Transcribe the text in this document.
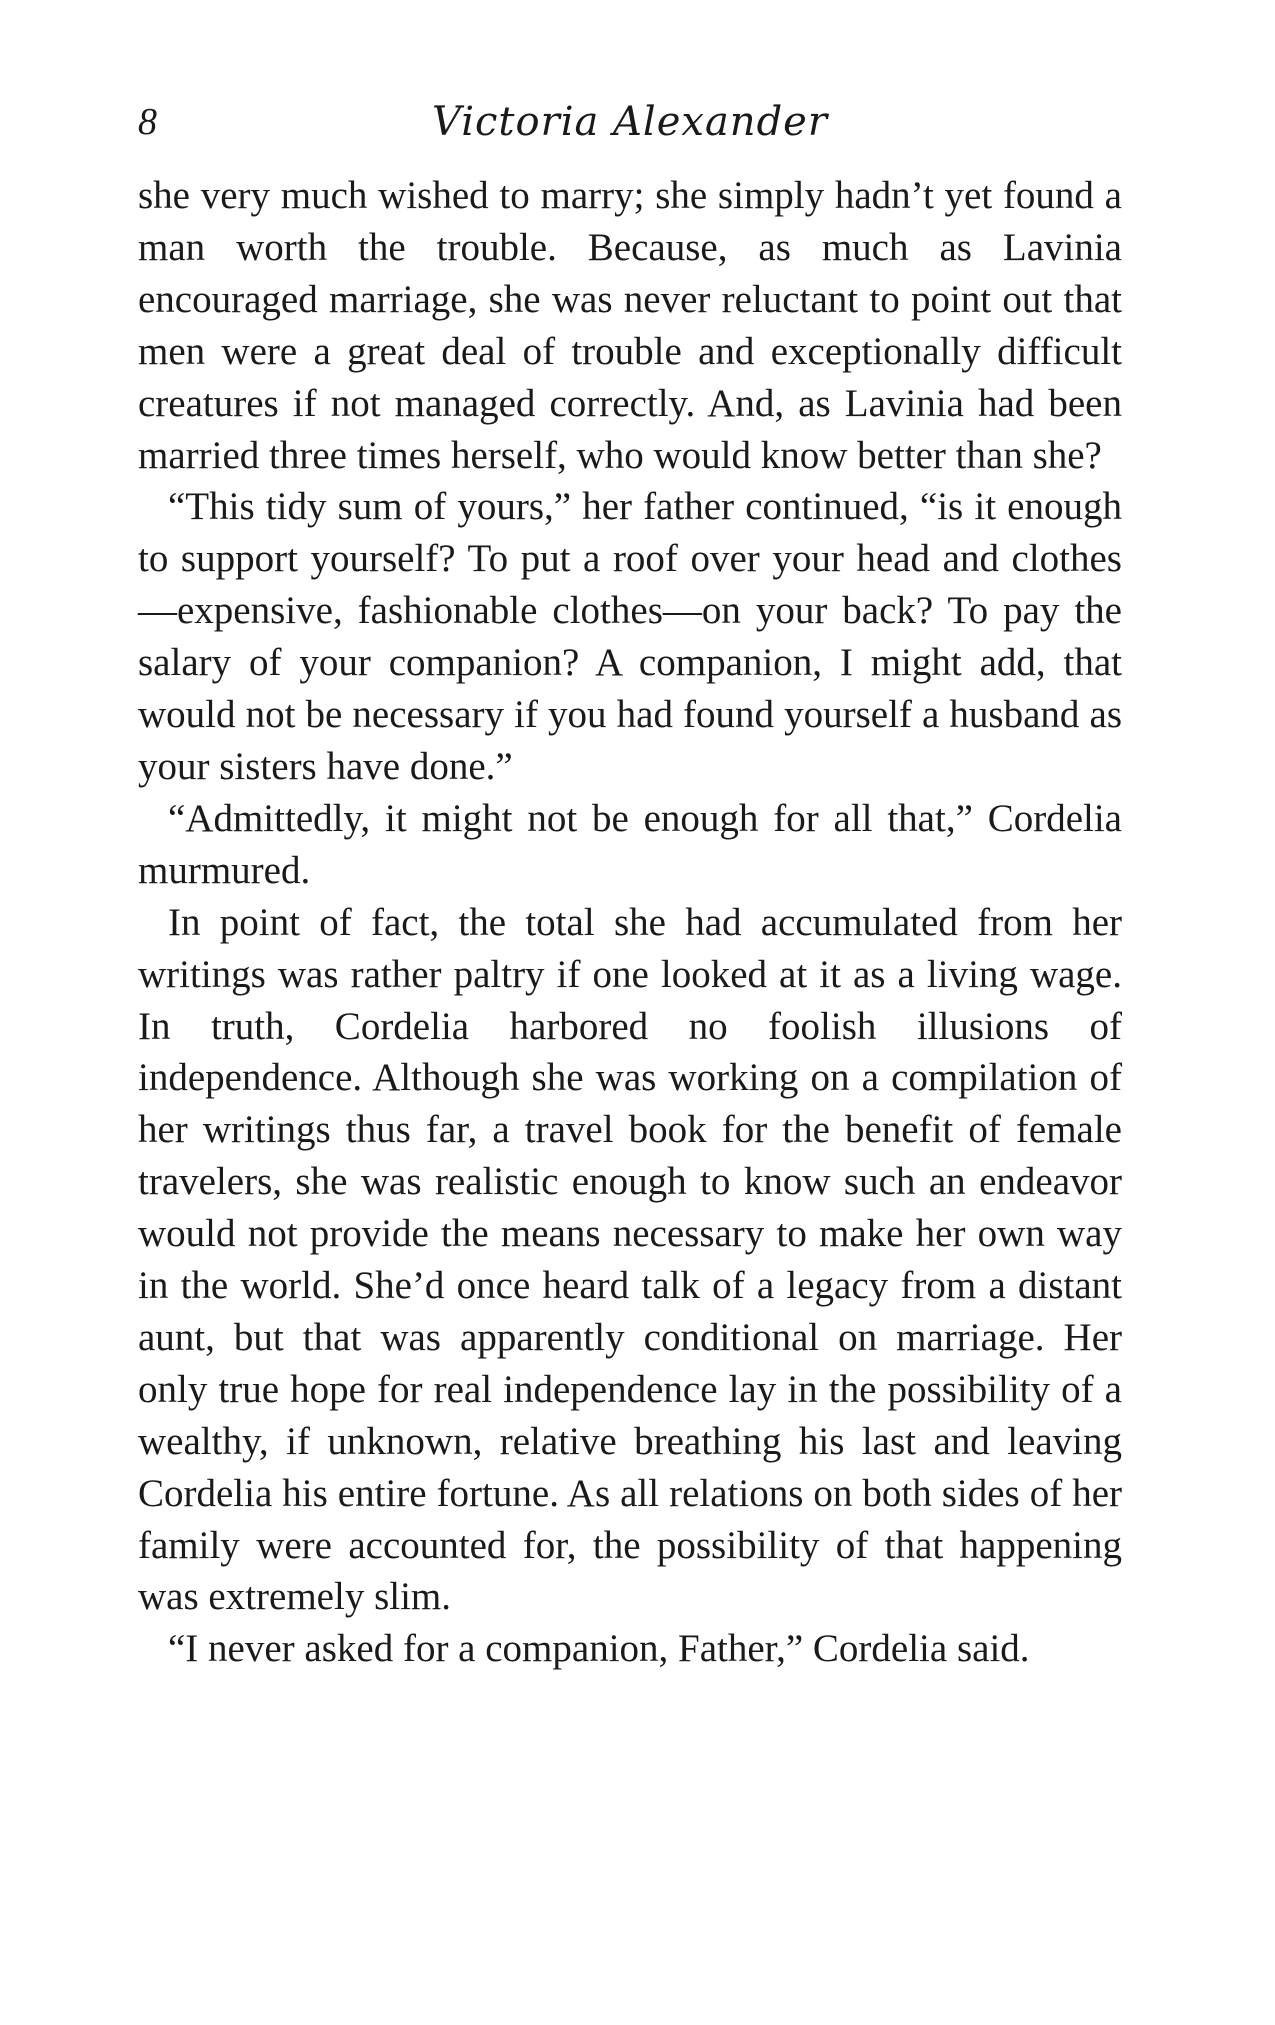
8	Victoria Alexander

she very much wished to marry; she simply hadn’t yet found a man worth the trouble. Because, as much as Lavinia encouraged marriage, she was never reluctant to point out that men were a great deal of trouble and exceptionally difficult creatures if not managed correctly. And, as Lavinia had been married three times herself, who would know better than she?

“This tidy sum of yours,” her father continued, “is it enough to support yourself? To put a roof over your head and clothes—expensive, fashionable clothes—on your back? To pay the salary of your companion? A companion, I might add, that would not be necessary if you had found yourself a husband as your sisters have done.”

“Admittedly, it might not be enough for all that,” Cordelia murmured.

In point of fact, the total she had accumulated from her writings was rather paltry if one looked at it as a living wage. In truth, Cordelia harbored no foolish illusions of independence. Although she was working on a compilation of her writings thus far, a travel book for the benefit of female travelers, she was realistic enough to know such an endeavor would not provide the means necessary to make her own way in the world. She’d once heard talk of a legacy from a distant aunt, but that was apparently conditional on marriage. Her only true hope for real independence lay in the possibility of a wealthy, if unknown, relative breathing his last and leaving Cordelia his entire fortune. As all relations on both sides of her family were accounted for, the possibility of that happening was extremely slim.

“I never asked for a companion, Father,” Cordelia said.
